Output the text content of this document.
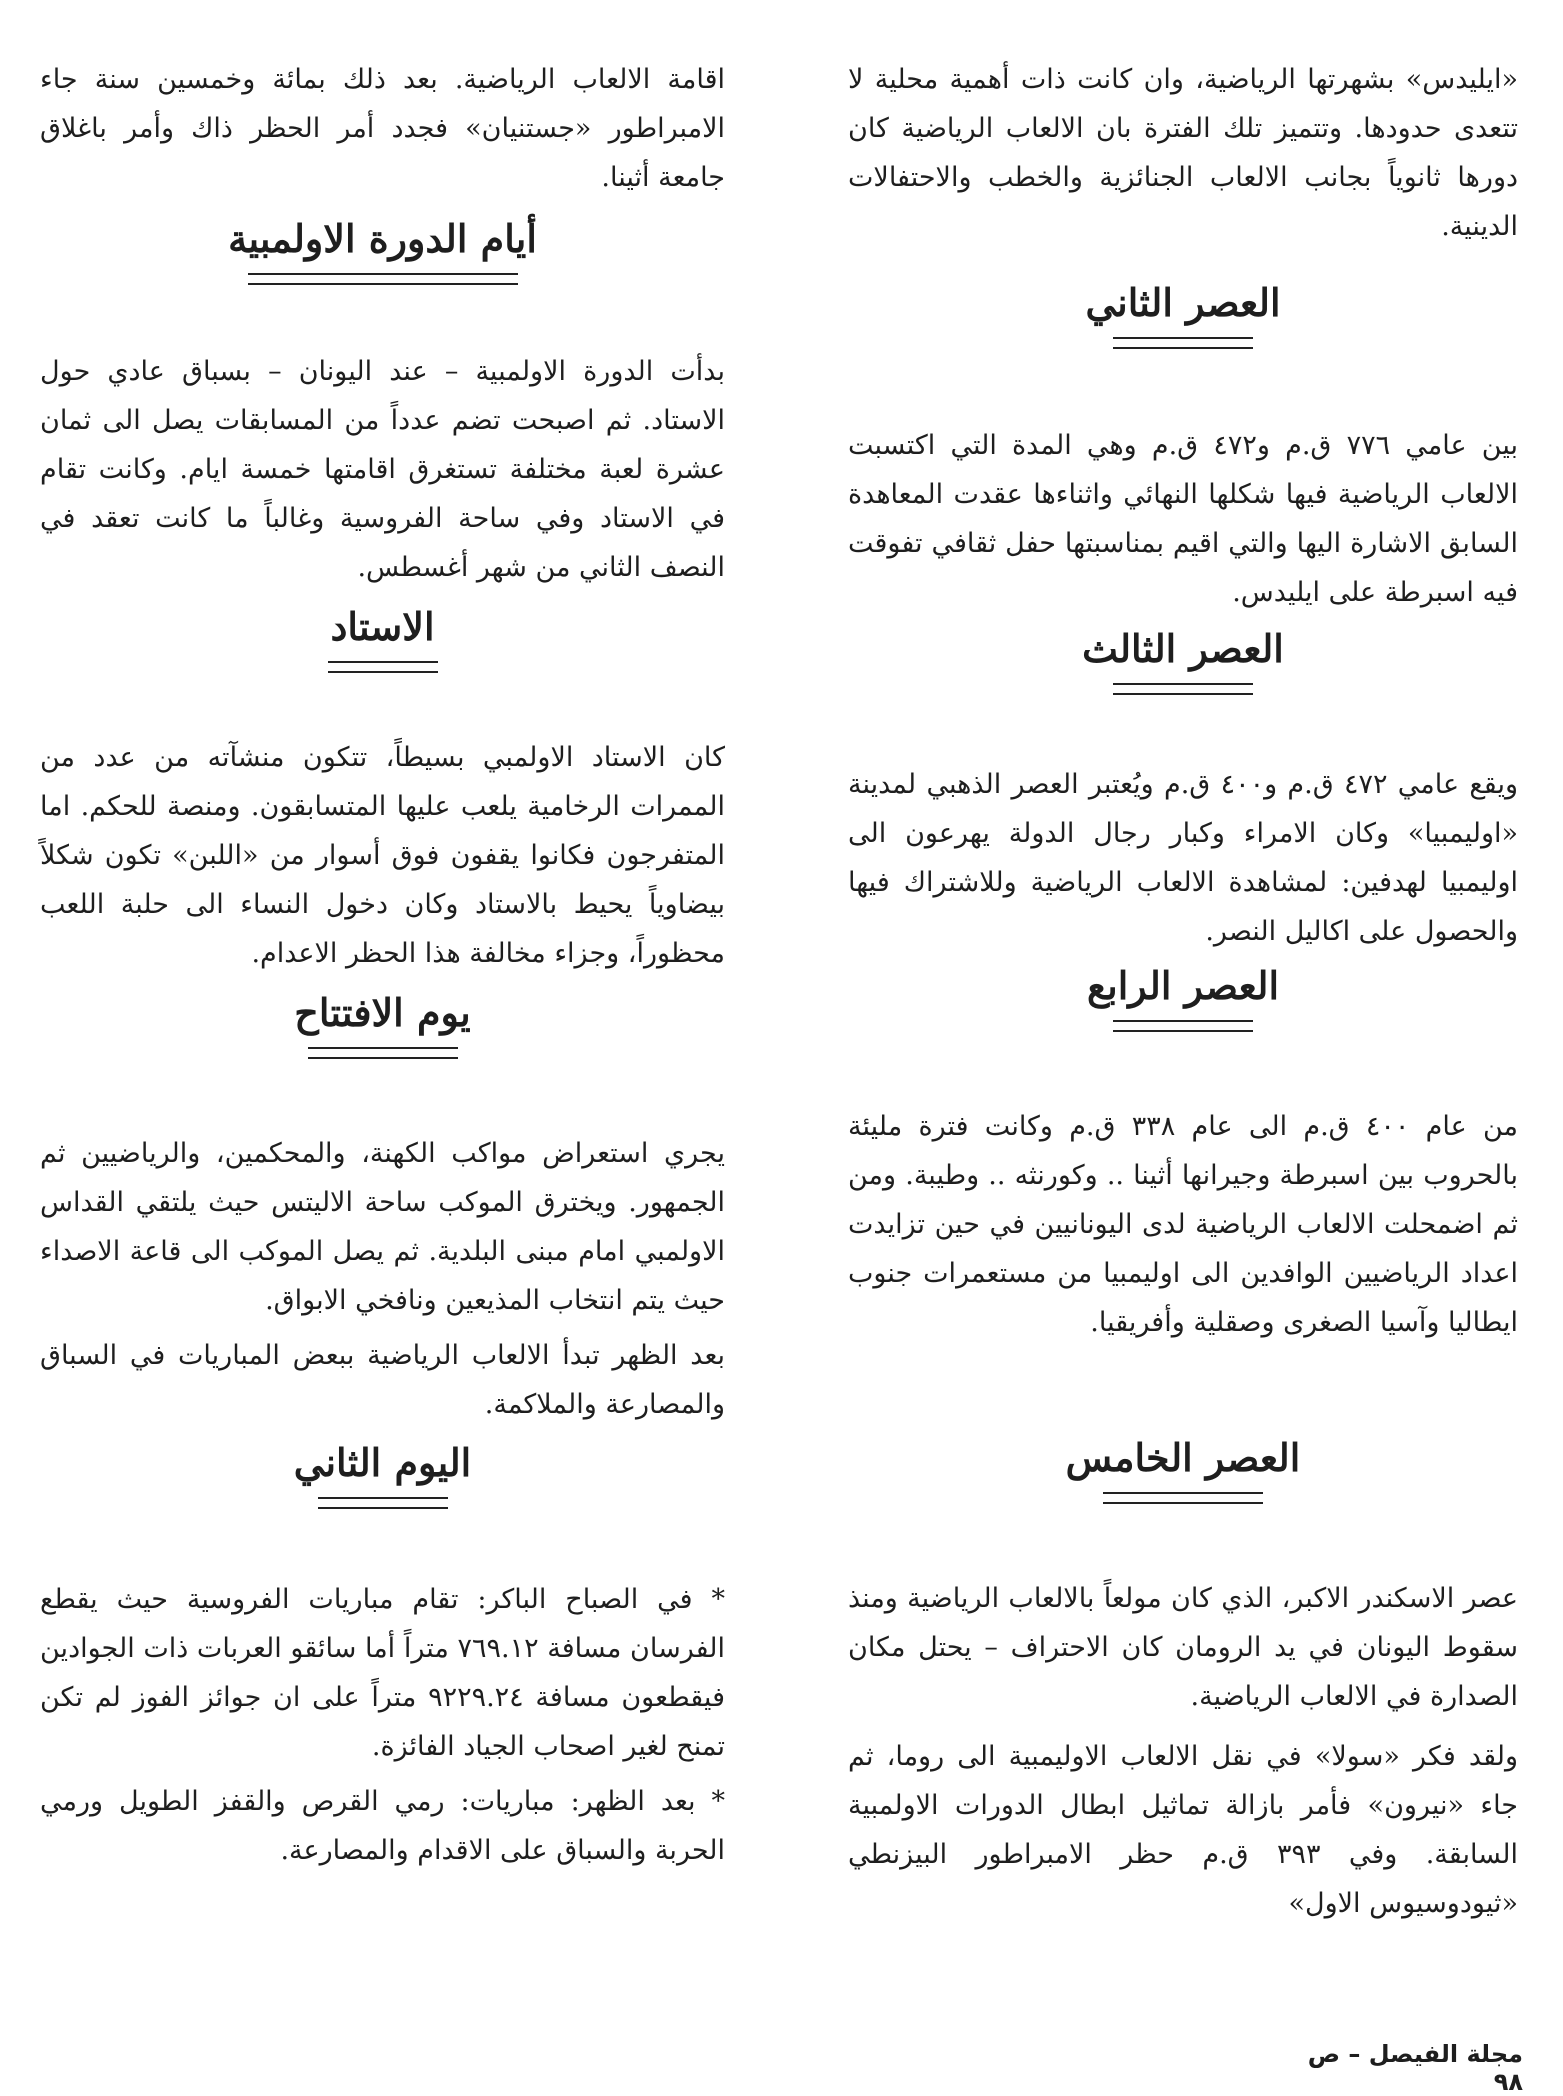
«ايليدس» بشهرتها الرياضية، وان كانت ذات أهمية محلية لا تتعدى حدودها. وتتميز تلك الفترة بان الالعاب الرياضية كان دورها ثانوياً بجانب الالعاب الجنائزية والخطب والاحتفالات الدينية.
العصر الثاني
بين عامي ٧٧٦ ق.م و٤٧٢ ق.م وهي المدة التي اكتسبت الالعاب الرياضية فيها شكلها النهائي واثناءها عقدت المعاهدة السابق الاشارة اليها والتي اقيم بمناسبتها حفل ثقافي تفوقت فيه اسبرطة على ايليدس.
العصر الثالث
ويقع عامي ٤٧٢ ق.م و٤٠٠ ق.م ويُعتبر العصر الذهبي لمدينة «اوليمبيا» وكان الامراء وكبار رجال الدولة يهرعون الى اوليمبيا لهدفين: لمشاهدة الالعاب الرياضية وللاشتراك فيها والحصول على اكاليل النصر.
العصر الرابع
من عام ٤٠٠ ق.م الى عام ٣٣٨ ق.م وكانت فترة مليئة بالحروب بين اسبرطة وجيرانها أثينا .. وكورنثه .. وطيبة. ومن ثم اضمحلت الالعاب الرياضية لدى اليونانيين في حين تزايدت اعداد الرياضيين الوافدين الى اوليمبيا من مستعمرات جنوب ايطاليا وآسيا الصغرى وصقلية وأفريقيا.
العصر الخامس
عصر الاسكندر الاكبر، الذي كان مولعاً بالالعاب الرياضية ومنذ سقوط اليونان في يد الرومان كان الاحتراف – يحتل مكان الصدارة في الالعاب الرياضية.
ولقد فكر «سولا» في نقل الالعاب الاوليمبية الى روما، ثم جاء «نيرون» فأمر بازالة تماثيل ابطال الدورات الاولمبية السابقة. وفي ٣٩٣ ق.م حظر الامبراطور البيزنطي «ثيودوسيوس الاول»
اقامة الالعاب الرياضية. بعد ذلك بمائة وخمسين سنة جاء الامبراطور «جستنيان» فجدد أمر الحظر ذاك وأمر باغلاق جامعة أثينا.
أيام الدورة الاولمبية
بدأت الدورة الاولمبية – عند اليونان – بسباق عادي حول الاستاد. ثم اصبحت تضم عدداً من المسابقات يصل الى ثمان عشرة لعبة مختلفة تستغرق اقامتها خمسة ايام. وكانت تقام في الاستاد وفي ساحة الفروسية وغالباً ما كانت تعقد في النصف الثاني من شهر أغسطس.
الاستاد
كان الاستاد الاولمبي بسيطاً، تتكون منشآته من عدد من الممرات الرخامية يلعب عليها المتسابقون. ومنصة للحكم. اما المتفرجون فكانوا يقفون فوق أسوار من «اللبن» تكون شكلاً بيضاوياً يحيط بالاستاد وكان دخول النساء الى حلبة اللعب محظوراً، وجزاء مخالفة هذا الحظر الاعدام.
يوم الافتتاح
يجري استعراض مواكب الكهنة، والمحكمين، والرياضيين ثم الجمهور. ويخترق الموكب ساحة الاليتس حيث يلتقي القداس الاولمبي امام مبنى البلدية. ثم يصل الموكب الى قاعة الاصداء حيث يتم انتخاب المذيعين ونافخي الابواق.
بعد الظهر تبدأ الالعاب الرياضية ببعض المباريات في السباق والمصارعة والملاكمة.
اليوم الثاني
* في الصباح الباكر: تقام مباريات الفروسية حيث يقطع الفرسان مسافة ٧٦٩.١٢ متراً أما سائقو العربات ذات الجوادين فيقطعون مسافة ٩٢٢٩.٢٤ متراً على ان جوائز الفوز لم تكن تمنح لغير اصحاب الجياد الفائزة.
* بعد الظهر: مباريات: رمي القرص والقفز الطويل ورمي الحربة والسباق على الاقدام والمصارعة.
مجلة الفيصل – ص ٩٨
